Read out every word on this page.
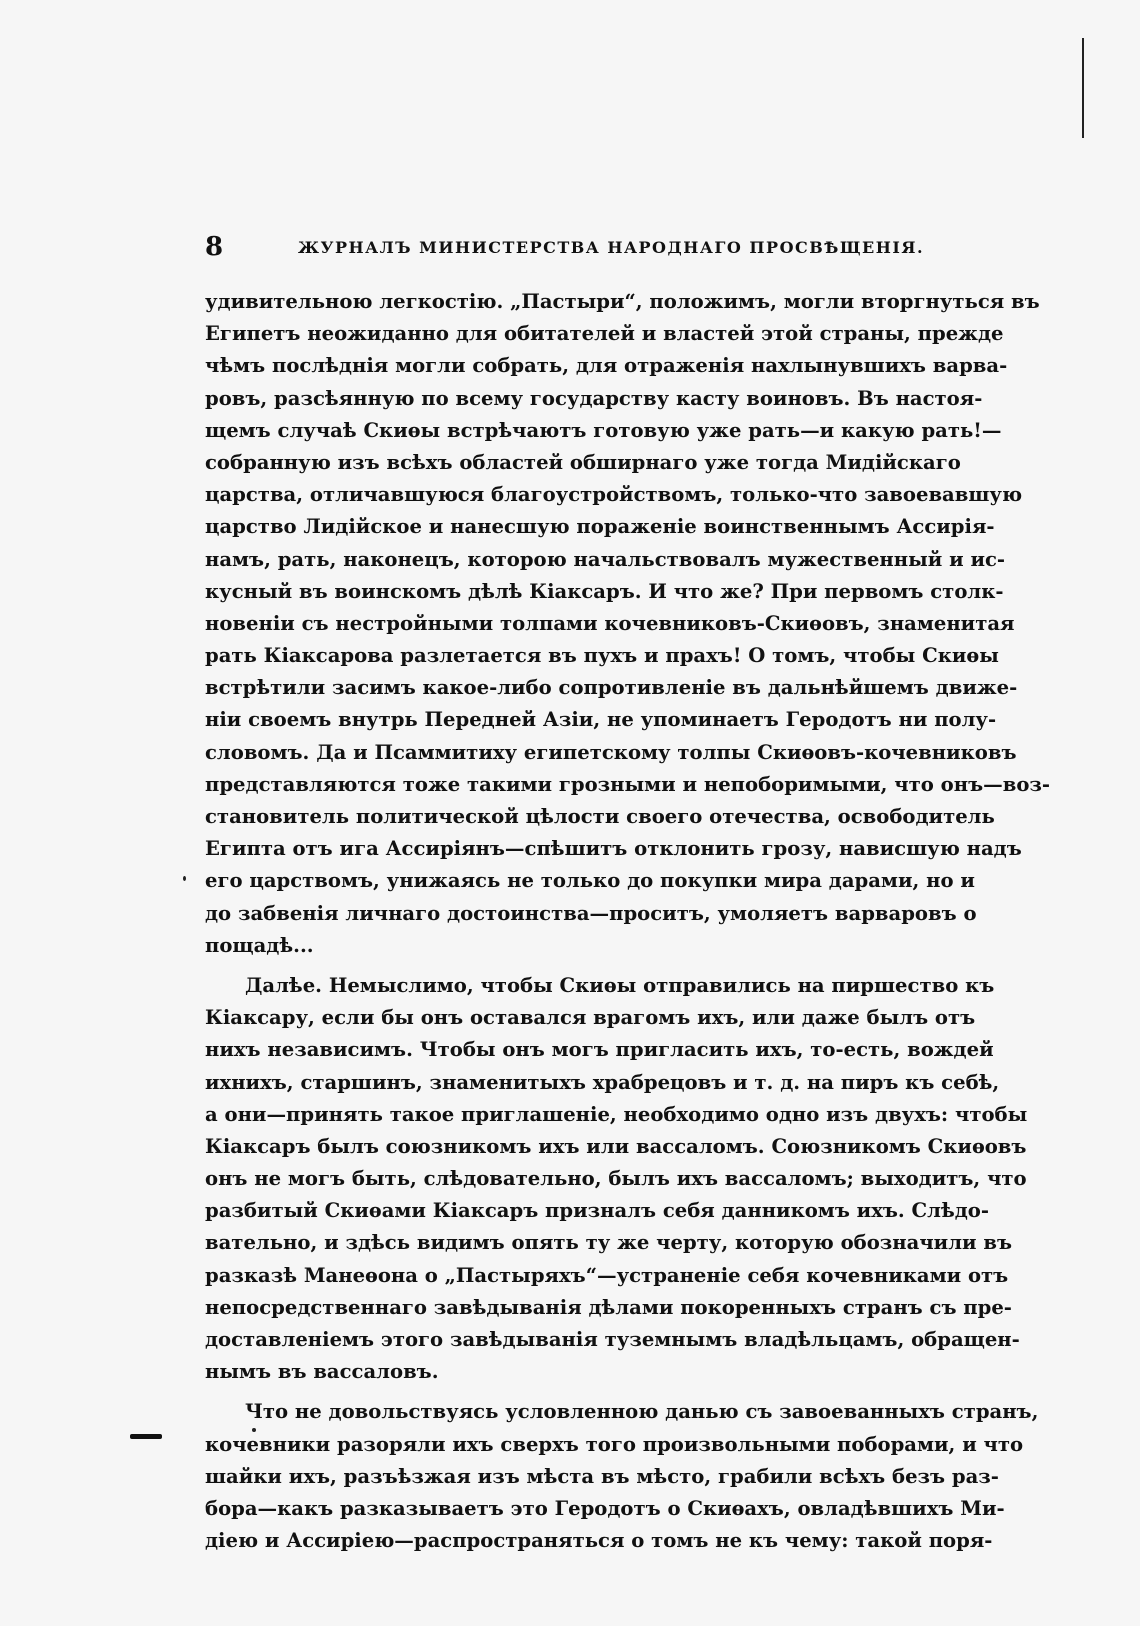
8	ЖУРНАЛЪ МИНИСТЕРСТВА НАРОДНАГО ПРОСВѢЩЕНІЯ.
удивительною легкостію. „Пастыри“, положимъ, могли вторгнуться въ
Египетъ неожиданно для обитателей и властей этой страны, прежде
чѣмъ послѣднія могли собрать, для отраженія нахлынувшихъ варва-
ровъ, разсѣянную по всему государству касту воиновъ. Въ настоя-
щемъ случаѣ Скиѳы встрѣчаютъ готовую уже рать—и какую рать!—
собранную изъ всѣхъ областей обширнаго уже тогда Мидійскаго
царства, отличавшуюся благоустройствомъ, только-что завоевавшую
царство Лидійское и нанесшую пораженіе воинственнымъ Ассирія-
намъ, рать, наконецъ, которою начальствовалъ мужественный и ис-
кусный въ воинскомъ дѣлѣ Кіаксаръ. И что же? При первомъ столк-
новеніи съ нестройными толпами кочевниковъ-Скиѳовъ, знаменитая
рать Кіаксарова разлетается въ пухъ и прахъ! О томъ, чтобы Скиѳы
встрѣтили засимъ какое-либо сопротивленіе въ дальнѣйшемъ движе-
ніи своемъ внутрь Передней Азіи, не упоминаетъ Геродотъ ни полу-
словомъ. Да и Псаммитиху египетскому толпы Скиѳовъ-кочевниковъ
представляются тоже такими грозными и непоборимыми, что онъ—воз-
становитель политической цѣлости своего отечества, освободитель
Египта отъ ига Ассиріянъ—спѣшитъ отклонить грозу, нависшую надъ
его царствомъ, унижаясь не только до покупки мира дарами, но и
до забвенія личнаго достоинства—проситъ, умоляетъ варваровъ о
пощадѣ...
Далѣе. Немыслимо, чтобы Скиѳы отправились на пиршество къ
Кіаксару, если бы онъ оставался врагомъ ихъ, или даже былъ отъ
нихъ независимъ. Чтобы онъ могъ пригласить ихъ, то-есть, вождей
ихнихъ, старшинъ, знаменитыхъ храбрецовъ и т. д. на пиръ къ себѣ,
а они—принять такое приглашеніе, необходимо одно изъ двухъ: чтобы
Кіаксаръ былъ союзникомъ ихъ или вассаломъ. Союзникомъ Скиѳовъ
онъ не могъ быть, слѣдовательно, былъ ихъ вассаломъ; выходитъ, что
разбитый Скиѳами Кіаксаръ призналъ себя данникомъ ихъ. Слѣдо-
вательно, и здѣсь видимъ опять ту же черту, которую обозначили въ
разказѣ Манеѳона о „Пастыряхъ“—устраненіе себя кочевниками отъ
непосредственнаго завѣдыванія дѣлами покоренныхъ странъ съ пре-
доставленіемъ этого завѣдыванія туземнымъ владѣльцамъ, обращен-
нымъ въ вассаловъ.
Что не довольствуясь условленною данью съ завоеванныхъ странъ,
кочевники разоряли ихъ сверхъ того произвольными поборами, и что
шайки ихъ, разъѣзжая изъ мѣста въ мѣсто, грабили всѣхъ безъ раз-
бора—какъ разказываетъ это Геродотъ о Скиѳахъ, овладѣвшихъ Ми-
діею и Ассиріею—распространяться о томъ не къ чему: такой поря-
